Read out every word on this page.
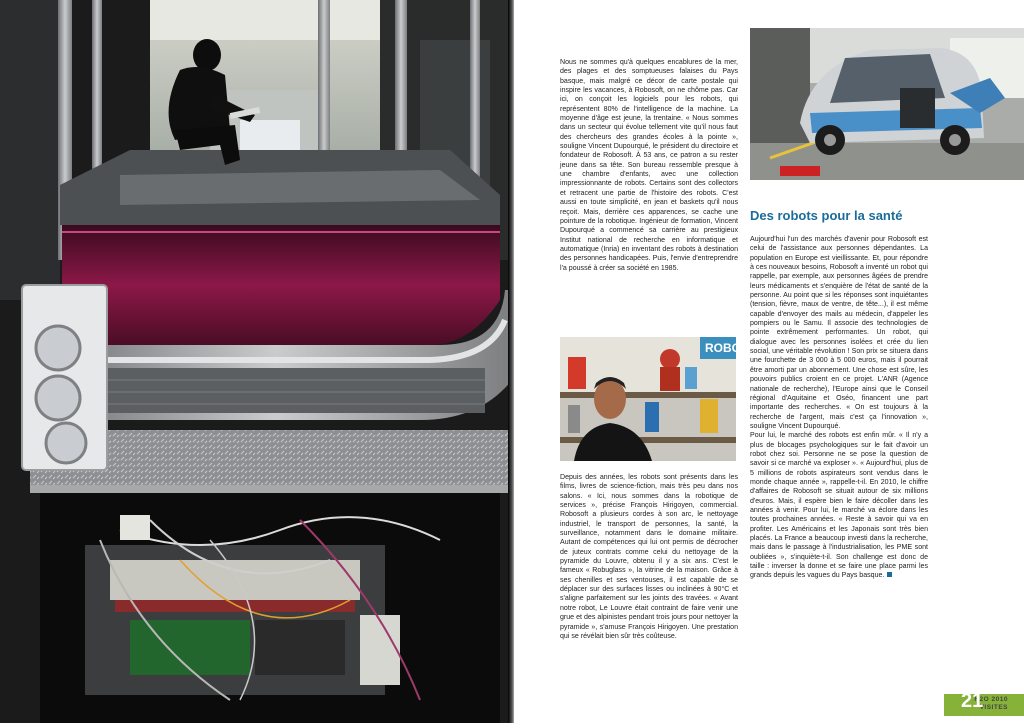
Nous ne sommes qu'à quelques encablures de la mer, des plages et des somptueuses falaises du Pays basque, mais malgré ce décor de carte postale qui inspire les vacances, à Robosoft, on ne chôme pas. Car ici, on conçoit les logiciels pour les robots, qui représentent 80% de l'intelligence de la machine. La moyenne d'âge est jeune, la trentaine. « Nous sommes dans un secteur qui évolue tellement vite qu'il nous faut des chercheurs des grandes écoles à la pointe », souligne Vincent Dupourqué, le président du directoire et fondateur de Robosoft. À 53 ans, ce patron a su rester jeune dans sa tête. Son bureau ressemble presque à une chambre d'enfants, avec une collection impressionnante de robots. Certains sont des collectors et retracent une partie de l'histoire des robots. C'est aussi en toute simplicité, en jean et baskets qu'il nous reçoit. Mais, derrière ces apparences, se cache une pointure de la robotique. Ingénieur de formation, Vincent Dupourqué a commencé sa carrière au prestigieux Institut national de recherche en informatique et automatique (Inria) en inventant des robots à destination des personnes handicapées. Puis, l'envie d'entreprendre l'a poussé à créer sa société en 1985.

ROBO

Depuis des années, les robots sont présents dans les films, livres de science-fiction, mais très peu dans nos salons. « Ici, nous sommes dans la robotique de services », précise François Hirigoyen, commercial. Robosoft a plusieurs cordes à son arc, le nettoyage industriel, le transport de personnes, la santé, la surveillance, notamment dans le domaine militaire. Autant de compétences qui lui ont permis de décrocher de juteux contrats comme celui du nettoyage de la pyramide du Louvre, obtenu il y a six ans. C'est le fameux « Robuglass », la vitrine de la maison. Grâce à ses chenilles et ses ventouses, il est capable de se déplacer sur des surfaces lisses ou inclinées à 90°C et s'aligne parfaitement sur les joints des travées. « Avant notre robot, Le Louvre était contraint de faire venir une grue et des alpinistes pendant trois jours pour nettoyer la pyramide », s'amuse François Hirigoyen. Une prestation qui se révélait bien sûr très coûteuse.

Des robots pour la santé

Aujourd'hui l'un des marchés d'avenir pour Robosoft est celui de l'assistance aux personnes dépendantes. La population en Europe est vieillissante. Et, pour répondre à ces nouveaux besoins, Robosoft a inventé un robot qui rappelle, par exemple, aux personnes âgées de prendre leurs médicaments et s'enquière de l'état de santé de la personne. Au point que si les réponses sont inquiétantes (tension, fièvre, maux de ventre, de tête...), il est même capable d'envoyer des mails au médecin, d'appeler les pompiers ou le Samu. Il associe des technologies de pointe extrêmement performantes. Un robot, qui dialogue avec les personnes isolées et crée du lien social, une véritable révolution ! Son prix se situera dans une fourchette de 3 000 à 5 000 euros, mais il pourrait être amorti par un abonnement. Une chose est sûre, les pouvoirs publics croient en ce projet. L'ANR (Agence nationale de recherche), l'Europe ainsi que le Conseil régional d'Aquitaine et Oséo, financent une part importante des recherches. « On est toujours à la recherche de l'argent, mais c'est ça l'innovation », souligne Vincent Dupourqué.

Pour lui, le marché des robots est enfin mûr. « Il n'y a plus de blocages psychologiques sur le fait d'avoir un robot chez soi. Personne ne se pose la question de savoir si ce marché va exploser ». « Aujourd'hui, plus de 5 millions de robots aspirateurs sont vendus dans le monde chaque année », rappelle-t-il. En 2010, le chiffre d'affaires de Robosoft se situait autour de six millions d'euros. Mais, il espère bien le faire décoller dans les années à venir. Pour lui, le marché va éclore dans les toutes prochaines années. « Reste à savoir qui va en profiter. Les Américains et les Japonais sont très bien placés. La France a beaucoup investi dans la recherche, mais dans le passage à l'industrialisation, les PME sont oubliées », s'inquiète-t-il. Son challenge est donc de taille : inverser la donne et se faire une place parmi les grands depuis les vagues du Pays basque.

H2O 2010
VISITES
21
